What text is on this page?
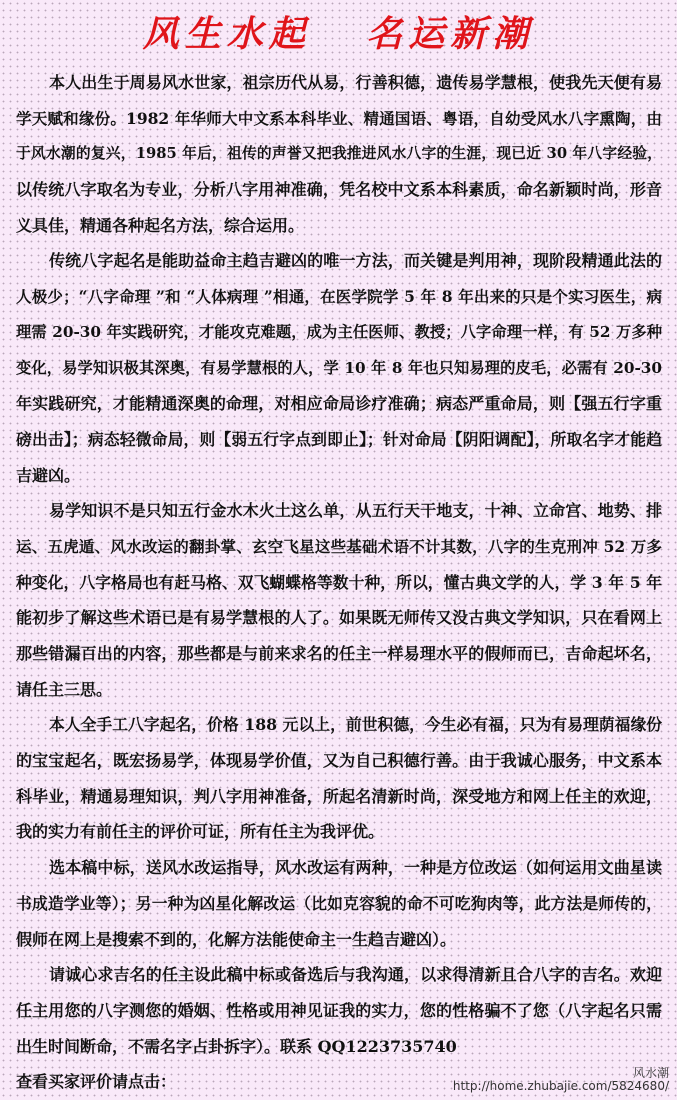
风生水起   名运新潮
本人出生于周易风水世家，祖宗历代从易，行善积德，遗传易学慧根，使我先天便有易
学天赋和缘份。1982 年华师大中文系本科毕业、精通国语、粤语，自幼受风水八字熏陶，由
于风水潮的复兴，1985 年后，祖传的声誉又把我推进风水八字的生涯，现已近 30 年八字经验，
以传统八字取名为专业，分析八字用神准确，凭名校中文系本科素质，命名新颖时尚，形音
义具佳，精通各种起名方法，综合运用。
传统八字起名是能助益命主趋吉避凶的唯一方法，而关键是判用神，现阶段精通此法的
人极少；“八字命理 ”和 “人体病理 ”相通，在医学院学 5 年 8 年出来的只是个实习医生，病
理需 20-30 年实践研究，才能攻克难题，成为主任医师、教授；八字命理一样，有 52 万多种
变化，易学知识极其深奥，有易学慧根的人，学 10 年 8 年也只知易理的皮毛，必需有 20-30
年实践研究，才能精通深奥的命理，对相应命局诊疗准确；病态严重命局，则【强五行字重
磅出击】；病态轻微命局，则【弱五行字点到即止】；针对命局【阴阳调配】，所取名字才能趋
吉避凶。
易学知识不是只知五行金水木火土这么单，从五行天干地支，十神、立命宫、地势、排
运、五虎遁、风水改运的翻卦掌、玄空飞星这些基础术语不计其数，八字的生克刑冲 52 万多
种变化，八字格局也有赶马格、双飞蝴蝶格等数十种，所以，懂古典文学的人，学 3 年 5 年
能初步了解这些术语已是有易学慧根的人了。如果既无师传又没古典文学知识，只在看网上
那些错漏百出的内容，那些都是与前来求名的任主一样易理水平的假师而已，吉命起坏名，
请任主三思。
本人全手工八字起名，价格 188 元以上，前世积德，今生必有福，只为有易理荫福缘份
的宝宝起名，既宏扬易学，体现易学价值，又为自己积德行善。由于我诚心服务，中文系本
科毕业，精通易理知识，判八字用神准备，所起名清新时尚，深受地方和网上任主的欢迎，
我的实力有前任主的评价可证，所有任主为我评优。
选本稿中标，送风水改运指导，风水改运有两种，一种是方位改运（如何运用文曲星读
书成造学业等）；另一种为凶星化解改运（比如克容貌的命不可吃狗肉等，此方法是师传的，
假师在网上是搜索不到的，化解方法能使命主一生趋吉避凶）。
请诚心求吉名的任主设此稿中标或备选后与我沟通，以求得清新且合八字的吉名。欢迎
任主用您的八字测您的婚姻、性格或用神见证我的实力，您的性格骗不了您（八字起名只需
出生时间断命，不需名字占卦拆字）。联系 QQ1223735740
查看买家评价请点击：	风水潮
http://home.zhubajie.com/5824680/
